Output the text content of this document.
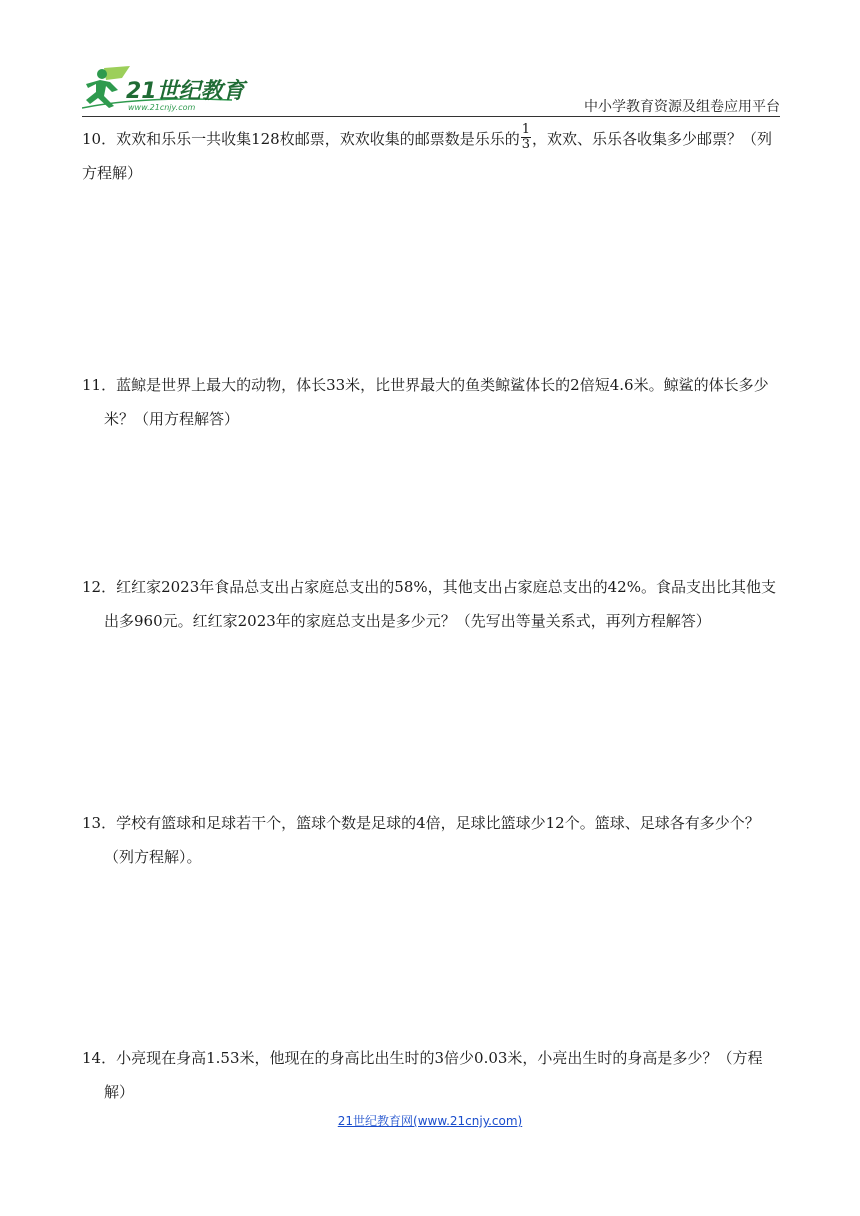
21世纪教育
www.21cnjy.com	中小学教育资源及组卷应用平台
10．欢欢和乐乐一共收集128枚邮票，欢欢收集的邮票数是乐乐的 $\frac{1}{3}$ ，欢欢、乐乐各收集多少邮票？（列
方程解）
11．蓝鲸是世界上最大的动物，体长33米，比世界最大的鱼类鲸鲨体长的2倍短4.6米。鲸鲨的体长多少
米？（用方程解答）
12．红红家2023年食品总支出占家庭总支出的58%，其他支出占家庭总支出的42%。食品支出比其他支
出多960元。红红家2023年的家庭总支出是多少元？（先写出等量关系式，再列方程解答）
13．学校有篮球和足球若干个，篮球个数是足球的4倍，足球比篮球少12个。篮球、足球各有多少个？
（列方程解）。
14．小亮现在身高1.53米，他现在的身高比出生时的3倍少0.03米，小亮出生时的身高是多少？（方程
解）
21世纪教育网(www.21cnjy.com)
